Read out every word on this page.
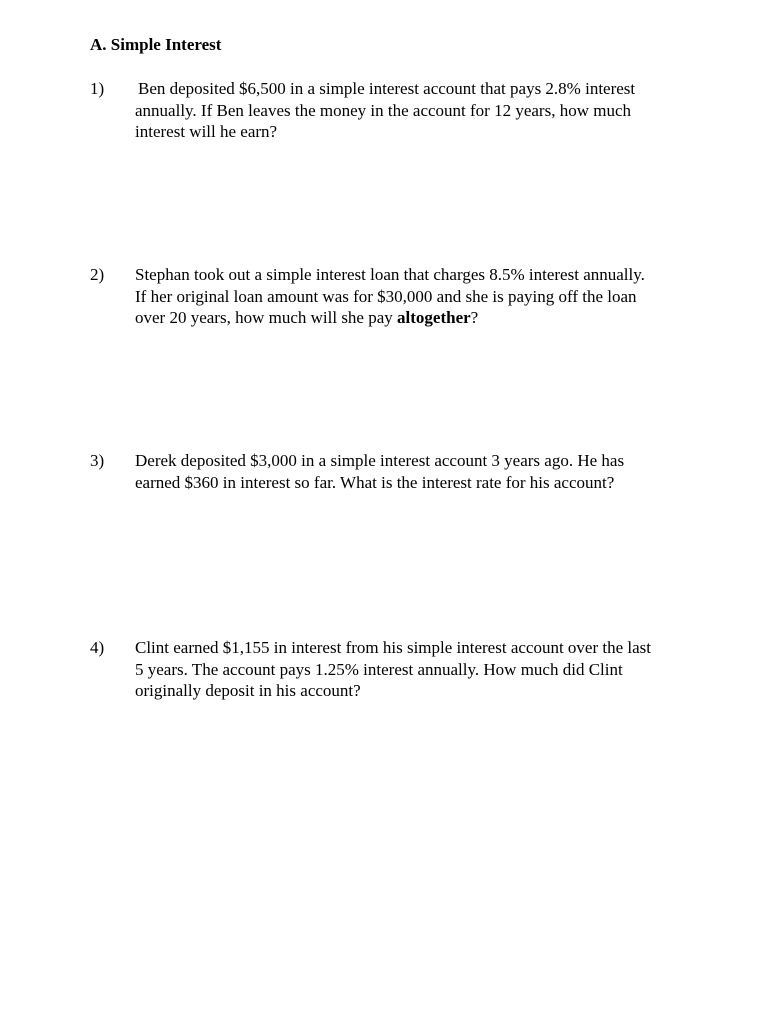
A. Simple Interest
1) Ben deposited $6,500 in a simple interest account that pays 2.8% interest
annually. If Ben leaves the money in the account for 12 years, how much
interest will he earn?
2) Stephan took out a simple interest loan that charges 8.5% interest annually.
If her original loan amount was for $30,000 and she is paying off the loan
over 20 years, how much will she pay altogether?
3) Derek deposited $3,000 in a simple interest account 3 years ago. He has
earned $360 in interest so far. What is the interest rate for his account?
4) Clint earned $1,155 in interest from his simple interest account over the last
5 years. The account pays 1.25% interest annually. How much did Clint
originally deposit in his account?
